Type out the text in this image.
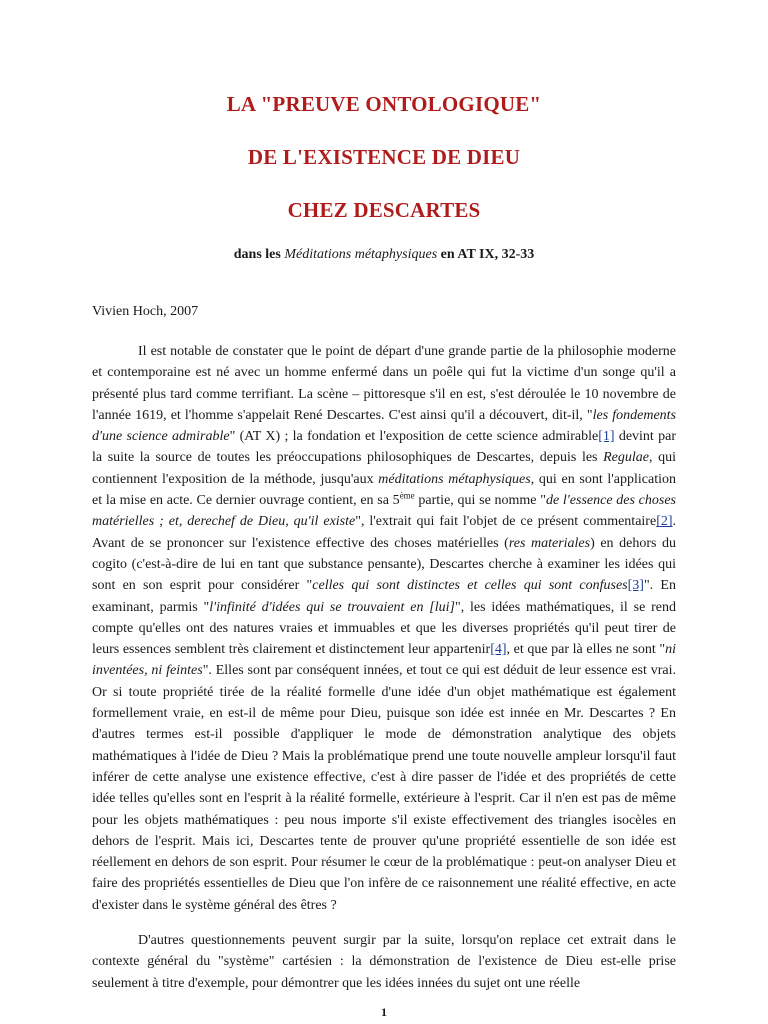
LA "PREUVE ONTOLOGIQUE"
DE L'EXISTENCE DE DIEU
CHEZ DESCARTES
dans les Méditations métaphysiques en AT IX, 32-33
Vivien Hoch, 2007
Il est notable de constater que le point de départ d'une grande partie de la philosophie moderne et contemporaine est né avec un homme enfermé dans un poêle qui fut la victime d'un songe qu'il a présenté plus tard comme terrifiant. La scène – pittoresque s'il en est, s'est déroulée le 10 novembre de l'année 1619, et l'homme s'appelait René Descartes. C'est ainsi qu'il a découvert, dit-il, "les fondements d'une science admirable" (AT X) ; la fondation et l'exposition de cette science admirable[1] devint par la suite la source de toutes les préoccupations philosophiques de Descartes, depuis les Regulae, qui contiennent l'exposition de la méthode, jusqu'aux méditations métaphysiques, qui en sont l'application et la mise en acte. Ce dernier ouvrage contient, en sa 5ème partie, qui se nomme "de l'essence des choses matérielles ; et, derechef de Dieu, qu'il existe", l'extrait qui fait l'objet de ce présent commentaire[2]. Avant de se prononcer sur l'existence effective des choses matérielles (res materiales) en dehors du cogito (c'est-à-dire de lui en tant que substance pensante), Descartes cherche à examiner les idées qui sont en son esprit pour considérer "celles qui sont distinctes et celles qui sont confuses[3]". En examinant, parmis "l'infinité d'idées qui se trouvaient en [lui]", les idées mathématiques, il se rend compte qu'elles ont des natures vraies et immuables et que les diverses propriétés qu'il peut tirer de leurs essences semblent très clairement et distinctement leur appartenir[4], et que par là elles ne sont "ni inventées, ni feintes". Elles sont par conséquent innées, et tout ce qui est déduit de leur essence est vrai. Or si toute propriété tirée de la réalité formelle d'une idée d'un objet mathématique est également formellement vraie, en est-il de même pour Dieu, puisque son idée est innée en Mr. Descartes ? En d'autres termes est-il possible d'appliquer le mode de démonstration analytique des objets mathématiques à l'idée de Dieu ? Mais la problématique prend une toute nouvelle ampleur lorsqu'il faut inférer de cette analyse une existence effective, c'est à dire passer de l'idée et des propriétés de cette idée telles qu'elles sont en l'esprit à la réalité formelle, extérieure à l'esprit. Car il n'en est pas de même pour les objets mathématiques : peu nous importe s'il existe effectivement des triangles isocèles en dehors de l'esprit. Mais ici, Descartes tente de prouver qu'une propriété essentielle de son idée est réellement en dehors de son esprit. Pour résumer le cœur de la problématique : peut-on analyser Dieu et faire des propriétés essentielles de Dieu que l'on infère de ce raisonnement une réalité effective, en acte d'exister dans le système général des êtres ?
D'autres questionnements peuvent surgir par la suite, lorsqu'on replace cet extrait dans le contexte général du "système" cartésien : la démonstration de l'existence de Dieu est-elle prise seulement à titre d'exemple, pour démontrer que les idées innées du sujet ont une réelle
1
